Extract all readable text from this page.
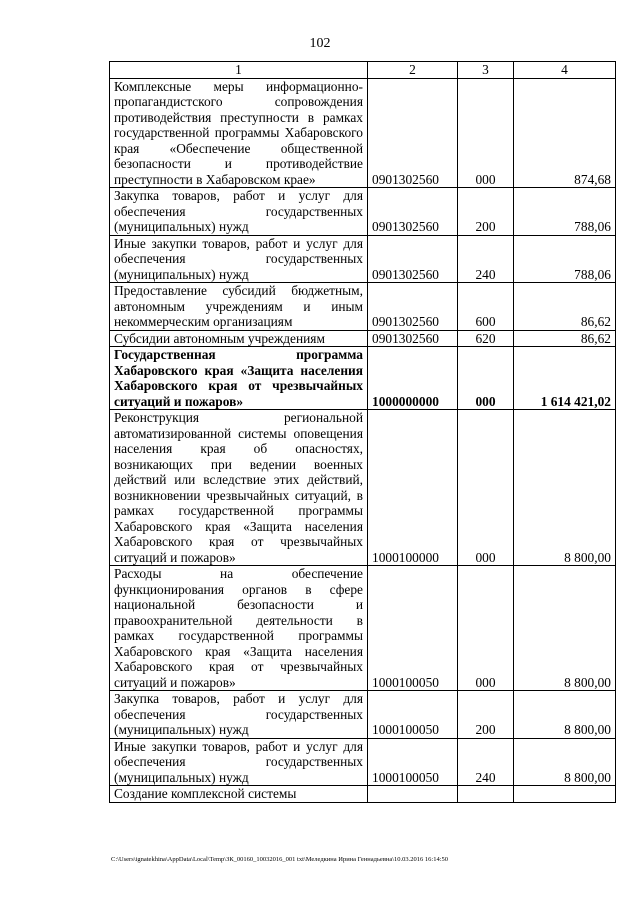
102
1	2	3	4
Комплексные меры информационно-пропагандистского сопровождения противодействия преступности в рамках государственной программы Хабаровского края «Обеспечение общественной безопасности и противодействие преступности в Хабаровском крае»	0901302560	000	874,68
Закупка товаров, работ и услуг для обеспечения государственных (муниципальных) нужд	0901302560	200	788,06
Иные закупки товаров, работ и услуг для обеспечения государственных (муниципальных) нужд	0901302560	240	788,06
Предоставление субсидий бюджетным, автономным учреждениям и иным некоммерческим организациям	0901302560	600	86,62
Субсидии автономным учреждениям	0901302560	620	86,62
Государственная программа Хабаровского края «Защита населения Хабаровского края от чрезвычайных ситуаций и пожаров»	1000000000	000	1 614 421,02
Реконструкция региональной автоматизированной системы оповещения населения края об опасностях, возникающих при ведении военных действий или вследствие этих действий, возникновении чрезвычайных ситуаций, в рамках государственной программы Хабаровского края «Защита населения Хабаровского края от чрезвычайных ситуаций и пожаров»	1000100000	000	8 800,00
Расходы на обеспечение функционирования органов в сфере национальной безопасности и правоохранительной деятельности в рамках государственной программы Хабаровского края «Защита населения Хабаровского края от чрезвычайных ситуаций и пожаров»	1000100050	000	8 800,00
Закупка товаров, работ и услуг для обеспечения государственных (муниципальных) нужд	1000100050	200	8 800,00
Иные закупки товаров, работ и услуг для обеспечения государственных (муниципальных) нужд	1000100050	240	8 800,00
Создание комплексной системы			
C:\Users\ignatekhina\AppData\Local\Temp\ЗК_00160_10032016_001 txt\Меледкина Ирина Геннадьевна\10.03.2016 16:14:50
